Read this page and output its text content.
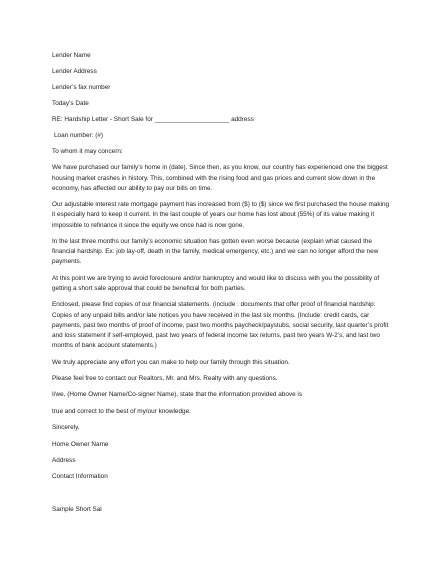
Lender Name
Lender Address
Lender’s fax number
Today’s Date
RE: Hardship Letter - Short Sale for _____________________ address
Loan number: (#)
To whom it may concern:
We have purchased our family’s home in (date). Since then, as you know, our country has experienced one the biggest housing market crashes in history. This, combined with the rising food and gas prices and current slow down in the economy, has affected our ability to pay our bills on time.
Our adjustable interest rate mortgage payment has increased from ($) to ($) since we first purchased the house making it especially hard to keep it current. In the last couple of years our home has lost about (55%) of its value making it impossible to refinance it since the equity we once had is now gone.
In the last three months our family’s economic situation has gotten even worse because (explain what caused the financial hardship. Ex: job lay-off, death in the family, medical emergency, etc.) and we can no longer afford the new payments.
At this point we are trying to avoid foreclosure and/or bankruptcy and would like to discuss with you the possibility of getting a short sale approval that could be beneficial for both parties.
Enclosed, please find copies of our financial statements. (include : documents that offer proof of financial hardship: Copies of any unpaid bills and/or late notices you have received in the last six months. (Include: credit cards, car payments, past two months of proof of income, past two months paycheck/paystubs, social security, last quarter’s profit and loss statement if self-employed, past two years of federal income tax returns, past two years W-2’s, and last two months of bank account statements.)
We truly appreciate any effort you can make to help our family through this situation.
Please feel free to contact our Realtors, Mr. and Mrs. Realty with any questions.
I/we, (Home Owner Name/Co-signer Name), state that the information provided above is
true and correct to the best of my/our knowledge.
Sincerely,
Home Owner Name
Address
Contact Information
Sample Short Sal
